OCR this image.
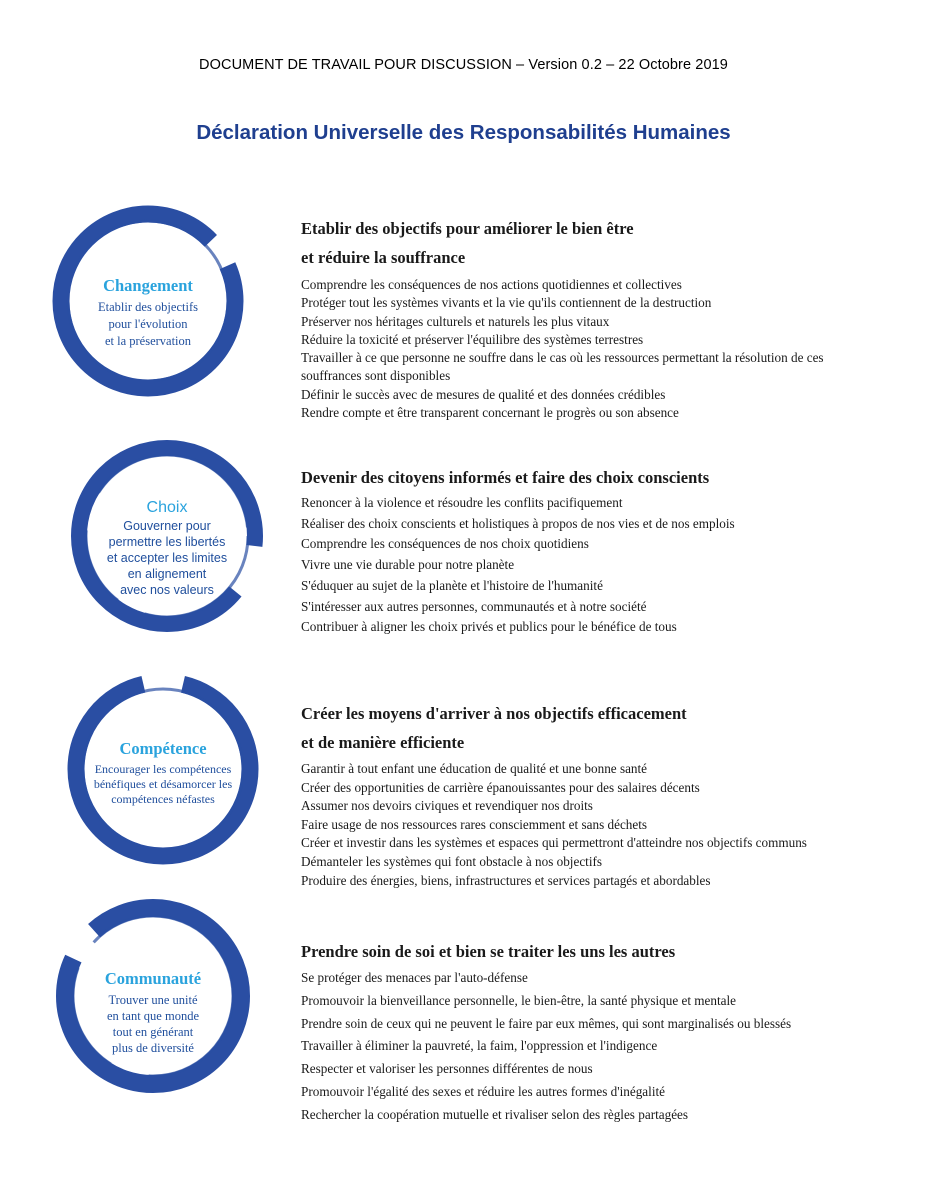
DOCUMENT DE TRAVAIL POUR DISCUSSION – Version 0.2 – 22 Octobre 2019
Déclaration Universelle des Responsabilités Humaines
Changement
Etablir des objectifs
pour l'évolution
et la préservation
Etablir des objectifs pour améliorer le bien être
et réduire la souffrance
Comprendre les conséquences de nos actions quotidiennes et collectives
Protéger tout les systèmes vivants et la vie qu'ils contiennent de la destruction
Préserver nos héritages culturels et naturels les plus vitaux
Réduire la toxicité et préserver l'équilibre des systèmes terrestres
Travailler à ce que personne ne souffre dans le cas où les ressources permettant la résolution de ces souffrances sont disponibles
Définir le succès avec de mesures de qualité et des données crédibles
Rendre compte et être transparent concernant le progrès ou son absence
Choix
Gouverner pour
permettre les libertés
et accepter les limites
en alignement
avec nos valeurs
Devenir des citoyens informés et faire des choix conscients
Renoncer à la violence et résoudre les conflits pacifiquement
Réaliser des choix conscients et holistiques à propos de nos vies et de nos emplois
Comprendre les conséquences de nos choix quotidiens
Vivre une vie durable pour notre planète
S'éduquer au sujet de la planète et l'histoire de l'humanité
S'intéresser aux autres personnes, communautés et à notre société
Contribuer à aligner les choix privés et publics pour le bénéfice de tous
Compétence
Encourager les compétences
bénéfiques et désamorcer les
compétences néfastes
Créer les moyens d'arriver à nos objectifs efficacement
et de manière efficiente
Garantir à tout enfant une éducation de qualité et une bonne santé
Créer des opportunities de carrière épanouissantes pour des salaires décents
Assumer nos devoirs civiques et revendiquer nos droits
Faire usage de nos ressources rares consciemment et sans déchets
Créer et investir dans les systèmes et espaces qui permettront d'atteindre nos objectifs communs
Démanteler les systèmes qui font obstacle à nos objectifs
Produire des énergies, biens, infrastructures et services partagés et abordables
Communauté
Trouver une unité
en tant que monde
tout en générant
plus de diversité
Prendre soin de soi et bien se traiter les uns les autres
Se protéger des menaces par l'auto-défense
Promouvoir la bienveillance personnelle, le bien-être, la santé physique et mentale
Prendre soin de ceux qui ne peuvent le faire par eux mêmes, qui sont marginalisés ou blessés
Travailler à éliminer la pauvreté, la faim, l'oppression et l'indigence
Respecter et valoriser les personnes différentes de nous
Promouvoir l'égalité des sexes et réduire les autres formes d'inégalité
Rechercher la coopération mutuelle et rivaliser selon des règles partagées
